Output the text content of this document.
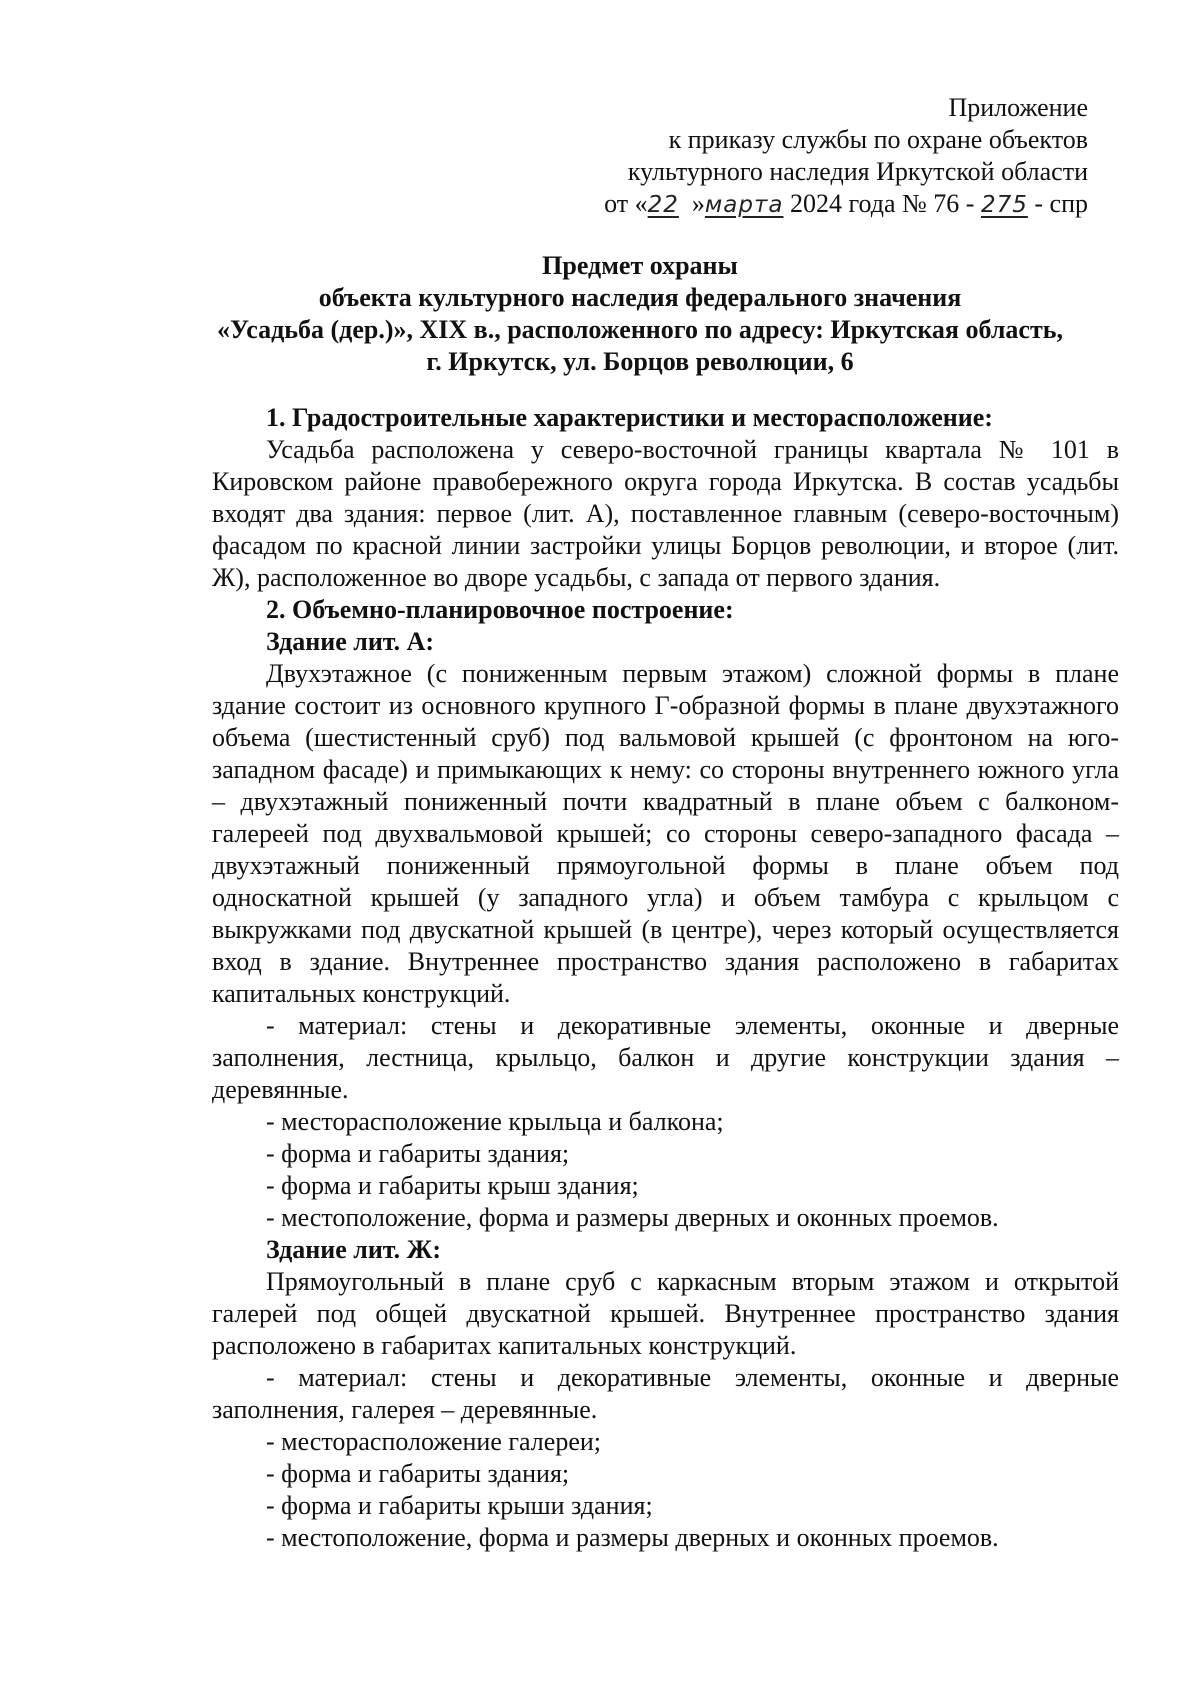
Приложение
к приказу службы по охране объектов
культурного наследия Иркутской области
от «22 »марта 2024 года № 76 - 275 - спр
Предмет охраны
объекта культурного наследия федерального значения
«Усадьба (дер.)», XIX в., расположенного по адресу: Иркутская область,
г. Иркутск, ул. Борцов революции, 6

1. Градостроительные характеристики и месторасположение:

Усадьба расположена у северо-восточной границы квартала № 101 в Кировском районе правобережного округа города Иркутска. В состав усадьбы входят два здания: первое (лит. А), поставленное главным (северо-восточным) фасадом по красной линии застройки улицы Борцов революции, и второе (лит. Ж), расположенное во дворе усадьбы, с запада от первого здания.

2. Объемно-планировочное построение:

Здание лит. А:

Двухэтажное (с пониженным первым этажом) сложной формы в плане здание состоит из основного крупного Г-образной формы в плане двухэтажного объема (шестистенный сруб) под вальмовой крышей (с фронтоном на юго-западном фасаде) и примыкающих к нему: со стороны внутреннего южного угла – двухэтажный пониженный почти квадратный в плане объем с балконом-галереей под двухвальмовой крышей; со стороны северо-западного фасада – двухэтажный пониженный прямоугольной формы в плане объем под односкатной крышей (у западного угла) и объем тамбура с крыльцом с выкружками под двускатной крышей (в центре), через который осуществляется вход в здание. Внутреннее пространство здания расположено в габаритах капитальных конструкций.

- материал: стены и декоративные элементы, оконные и дверные заполнения, лестница, крыльцо, балкон и другие конструкции здания – деревянные.

- месторасположение крыльца и балкона;

- форма и габариты здания;

- форма и габариты крыш здания;

- местоположение, форма и размеры дверных и оконных проемов.

Здание лит. Ж:

Прямоугольный в плане сруб с каркасным вторым этажом и открытой галерей под общей двускатной крышей. Внутреннее пространство здания расположено в габаритах капитальных конструкций.

- материал: стены и декоративные элементы, оконные и дверные заполнения, галерея – деревянные.

- месторасположение галереи;

- форма и габариты здания;

- форма и габариты крыши здания;

- местоположение, форма и размеры дверных и оконных проемов.
